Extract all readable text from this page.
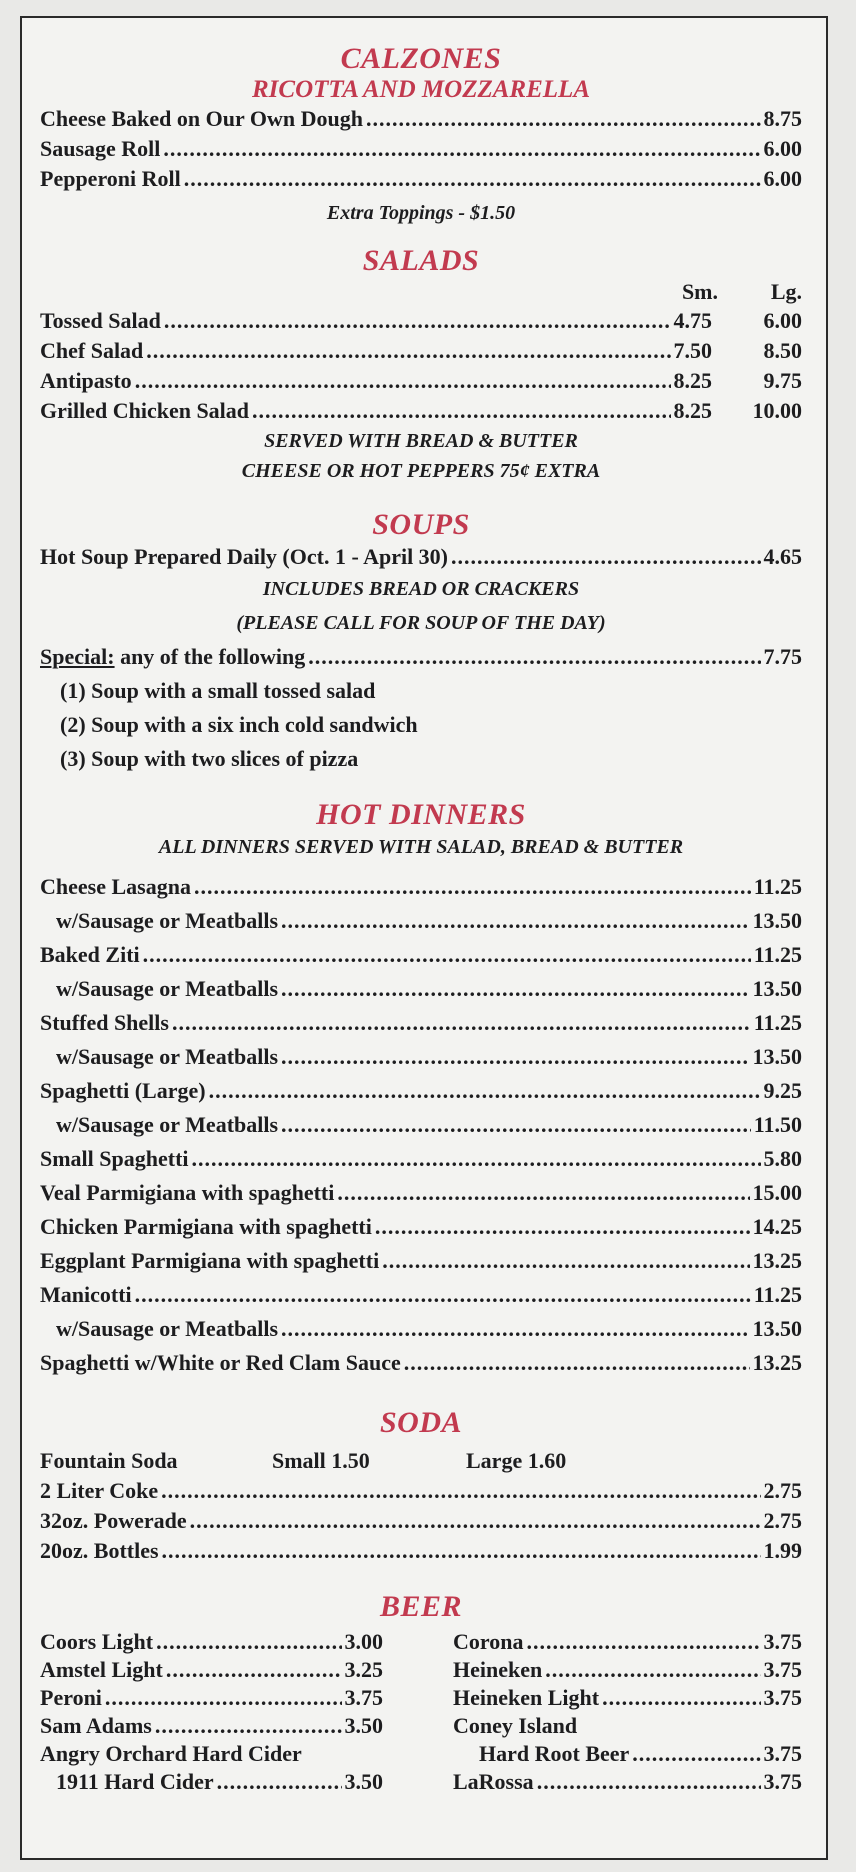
CALZONES
RICOTTA AND MOZZARELLA
Cheese Baked on Our Own Dough .....	8.75
Sausage Roll .....	6.00
Pepperoni Roll .....	6.00

Extra Toppings - $1.50

SALADS
Sm.	Lg.
Tossed Salad .....	4.75	6.00
Chef Salad .....	7.50	8.50
Antipasto .....	8.25	9.75
Grilled Chicken Salad .....	8.25	10.00

SERVED WITH BREAD & BUTTER

CHEESE OR HOT PEPPERS 75¢ EXTRA

SOUPS
Hot Soup Prepared Daily (Oct. 1 - April 30) .....	4.65

INCLUDES BREAD OR CRACKERS

(PLEASE CALL FOR SOUP OF THE DAY)

Special: any of the following .....	7.75
(1) Soup with a small tossed salad
(2) Soup with a six inch cold sandwich
(3) Soup with two slices of pizza
HOT DINNERS

ALL DINNERS SERVED WITH SALAD, BREAD & BUTTER

Cheese Lasagna .....	11.25
w/Sausage or Meatballs .....	13.50
Baked Ziti .....	11.25
w/Sausage or Meatballs .....	13.50
Stuffed Shells .....	11.25
w/Sausage or Meatballs .....	13.50
Spaghetti (Large) .....	9.25
w/Sausage or Meatballs .....	11.50
Small Spaghetti .....	5.80
Veal Parmigiana with spaghetti .....	15.00
Chicken Parmigiana with spaghetti .....	14.25
Eggplant Parmigiana with spaghetti .....	13.25
Manicotti .....	11.25
w/Sausage or Meatballs .....	13.50
Spaghetti w/White or Red Clam Sauce .....	13.25
SODA
Fountain Soda	Small 1.50	Large 1.60
2 Liter Coke .....	2.75
32oz. Powerade .....	2.75
20oz. Bottles .....	1.99
BEER
Coors Light .....	3.00
Amstel Light .....	3.25
Peroni .....	3.75
Sam Adams .....	3.50
Angry Orchard Hard Cider
1911 Hard Cider .....	3.50
Corona .....	3.75
Heineken .....	3.75
Heineken Light .....	3.75
Coney Island
Hard Root Beer .....	3.75
LaRossa .....	3.75
